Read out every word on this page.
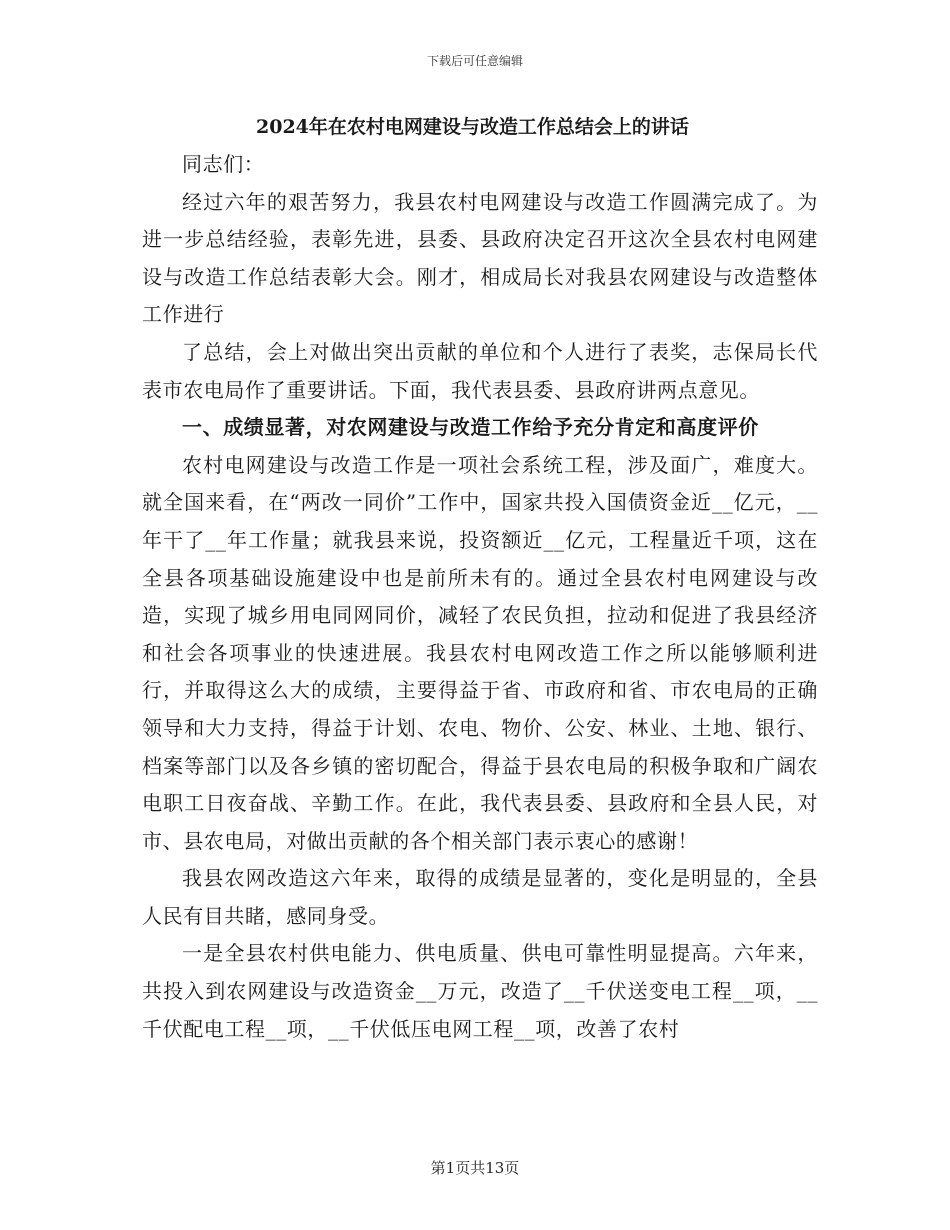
下载后可任意编辑
2024年在农村电网建设与改造工作总结会上的讲话

同志们：

经过六年的艰苦努力，我县农村电网建设与改造工作圆满完成了。为进一步总结经验，表彰先进，县委、县政府决定召开这次全县农村电网建设与改造工作总结表彰大会。刚才，相成局长对我县农网建设与改造整体工作进行

了总结，会上对做出突出贡献的单位和个人进行了表奖，志保局长代表市农电局作了重要讲话。下面，我代表县委、县政府讲两点意见。

一、成绩显著，对农网建设与改造工作给予充分肯定和高度评价

农村电网建设与改造工作是一项社会系统工程，涉及面广，难度大。就全国来看，在“两改一同价”工作中，国家共投入国债资金近__亿元，__年干了__年工作量；就我县来说，投资额近__亿元，工程量近千项，这在全县各项基础设施建设中也是前所未有的。通过全县农村电网建设与改造，实现了城乡用电同网同价，减轻了农民负担，拉动和促进了我县经济和社会各项事业的快速进展。我县农村电网改造工作之所以能够顺利进行，并取得这么大的成绩，主要得益于省、市政府和省、市农电局的正确领导和大力支持，得益于计划、农电、物价、公安、林业、土地、银行、档案等部门以及各乡镇的密切配合，得益于县农电局的积极争取和广阔农电职工日夜奋战、辛勤工作。在此，我代表县委、县政府和全县人民，对市、县农电局，对做出贡献的各个相关部门表示衷心的感谢！

我县农网改造这六年来，取得的成绩是显著的，变化是明显的，全县人民有目共睹，感同身受。

一是全县农村供电能力、供电质量、供电可靠性明显提高。六年来，共投入到农网建设与改造资金__万元，改造了__千伏送变电工程__项，__千伏配电工程__项，__千伏低压电网工程__项，改善了农村

第1页共13页
